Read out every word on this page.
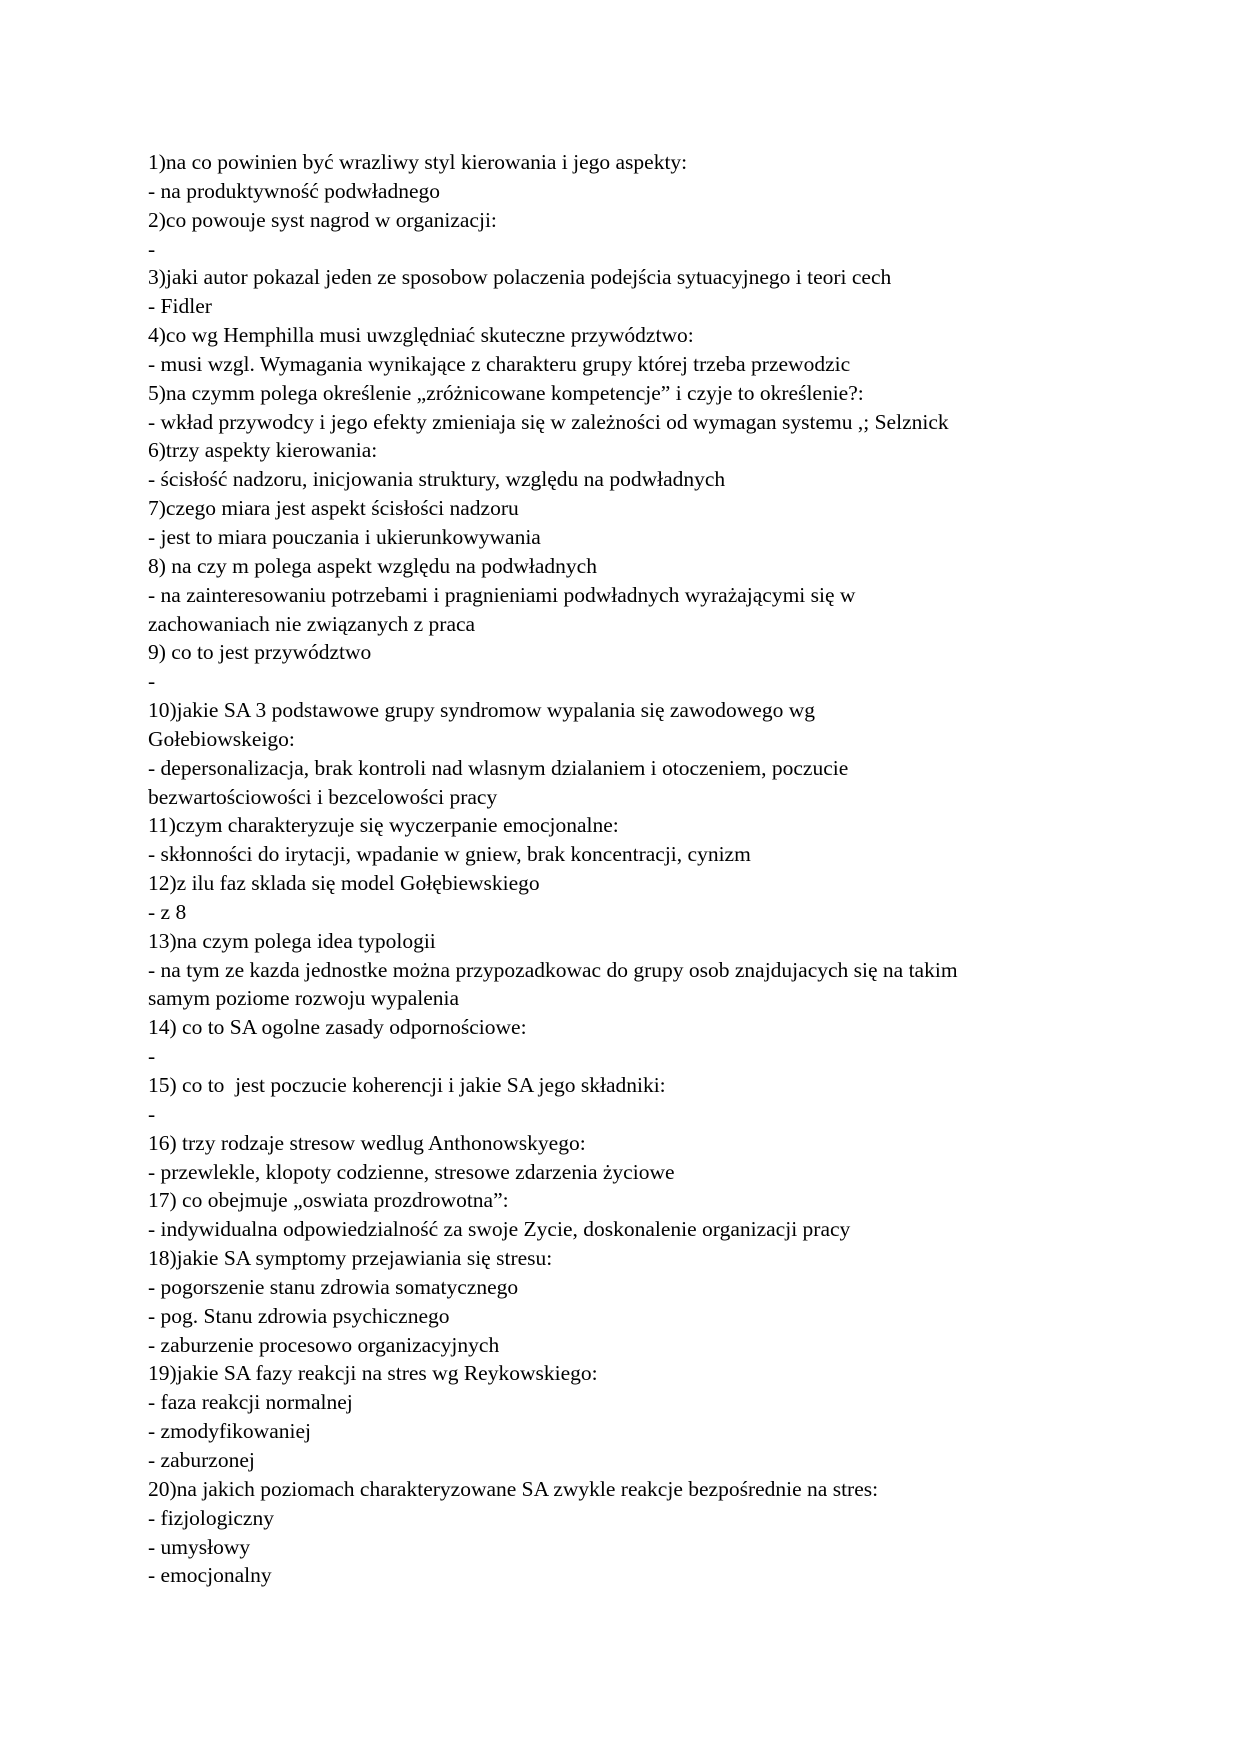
1)na co powinien być wrazliwy styl kierowania i jego aspekty:
- na produktywność podwładnego
2)co powouje syst nagrod w organizacji:
-
3)jaki autor pokazal jeden ze sposobow polaczenia podejścia sytuacyjnego i teori cech
- Fidler
4)co wg Hemphilla musi uwzględniać skuteczne przywództwo:
- musi wzgl. Wymagania wynikające z charakteru grupy której trzeba przewodzic
5)na czymm polega określenie „zróżnicowane kompetencje” i czyje to określenie?:
- wkład przywodcy i jego efekty zmieniaja się w zależności od wymagan systemu ,; Selznick
6)trzy aspekty kierowania:
- ścisłość nadzoru, inicjowania struktury, względu na podwładnych
7)czego miara jest aspekt ścisłości nadzoru
- jest to miara pouczania i ukierunkowywania
8) na czy m polega aspekt względu na podwładnych
- na zainteresowaniu potrzebami i pragnieniami podwładnych wyrażającymi się w
zachowaniach nie związanych z praca
9) co to jest przywództwo
-
10)jakie SA 3 podstawowe grupy syndromow wypalania się zawodowego wg
Gołebiowskeigo:
- depersonalizacja, brak kontroli nad wlasnym dzialaniem i otoczeniem, poczucie
bezwartościowości i bezcelowości pracy
11)czym charakteryzuje się wyczerpanie emocjonalne:
- skłonności do irytacji, wpadanie w gniew, brak koncentracji, cynizm
12)z ilu faz sklada się model Gołębiewskiego
- z 8
13)na czym polega idea typologii
- na tym ze kazda jednostke można przypozadkowac do grupy osob znajdujacych się na takim
samym poziome rozwoju wypalenia
14) co to SA ogolne zasady odpornościowe:
-
15) co to  jest poczucie koherencji i jakie SA jego składniki:
-
16) trzy rodzaje stresow wedlug Anthonowskyego:
- przewlekle, klopoty codzienne, stresowe zdarzenia życiowe
17) co obejmuje „oswiata prozdrowotna”:
- indywidualna odpowiedzialność za swoje Zycie, doskonalenie organizacji pracy
18)jakie SA symptomy przejawiania się stresu:
- pogorszenie stanu zdrowia somatycznego
- pog. Stanu zdrowia psychicznego
- zaburzenie procesowo organizacyjnych
19)jakie SA fazy reakcji na stres wg Reykowskiego:
- faza reakcji normalnej
- zmodyfikowaniej
- zaburzonej
20)na jakich poziomach charakteryzowane SA zwykle reakcje bezpośrednie na stres:
- fizjologiczny
- umysłowy
- emocjonalny
